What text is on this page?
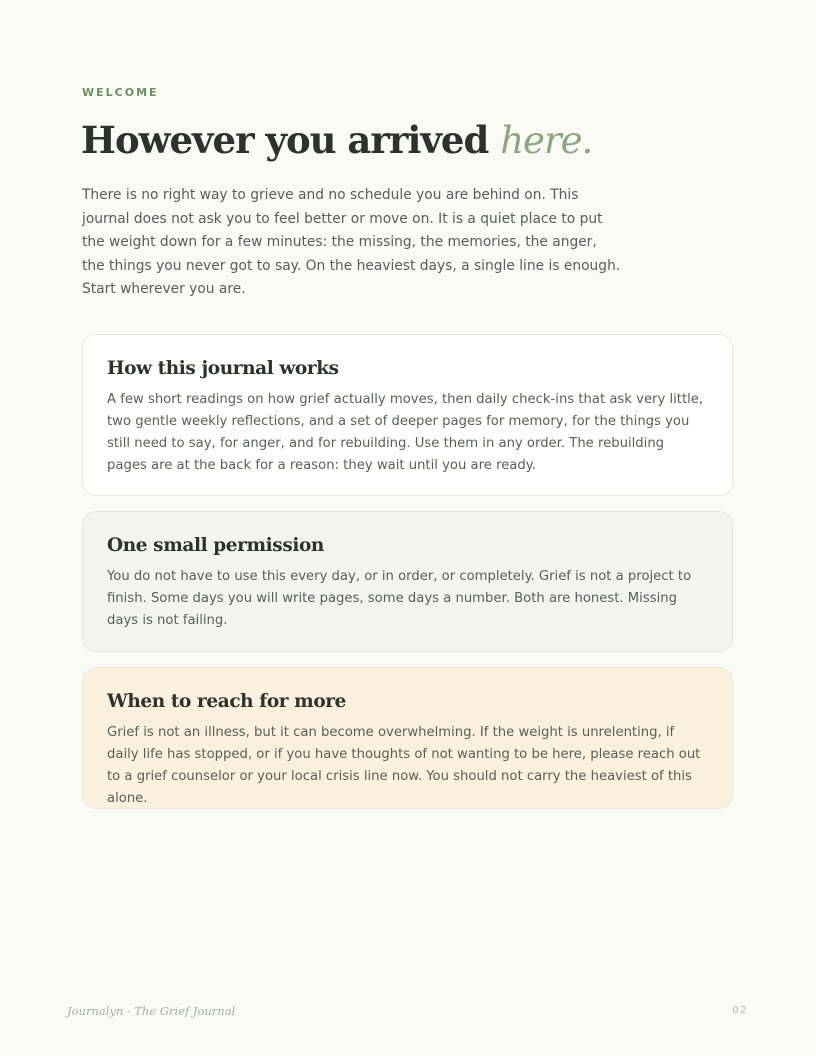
WELCOME
However you arrived here.

There is no right way to grieve and no schedule you are behind on. This journal does not ask you to feel better or move on. It is a quiet place to put the weight down for a few minutes: the missing, the memories, the anger, the things you never got to say. On the heaviest days, a single line is enough. Start wherever you are.

How this journal works

A few short readings on how grief actually moves, then daily check-ins that ask very little, two gentle weekly reflections, and a set of deeper pages for memory, for the things you still need to say, for anger, and for rebuilding. Use them in any order. The rebuilding pages are at the back for a reason: they wait until you are ready.

One small permission

You do not have to use this every day, or in order, or completely. Grief is not a project to finish. Some days you will write pages, some days a number. Both are honest. Missing days is not failing.

When to reach for more

Grief is not an illness, but it can become overwhelming. If the weight is unrelenting, if daily life has stopped, or if you have thoughts of not wanting to be here, please reach out to a grief counselor or your local crisis line now. You should not carry the heaviest of this alone.

Journalyn · The Grief Journal	02
